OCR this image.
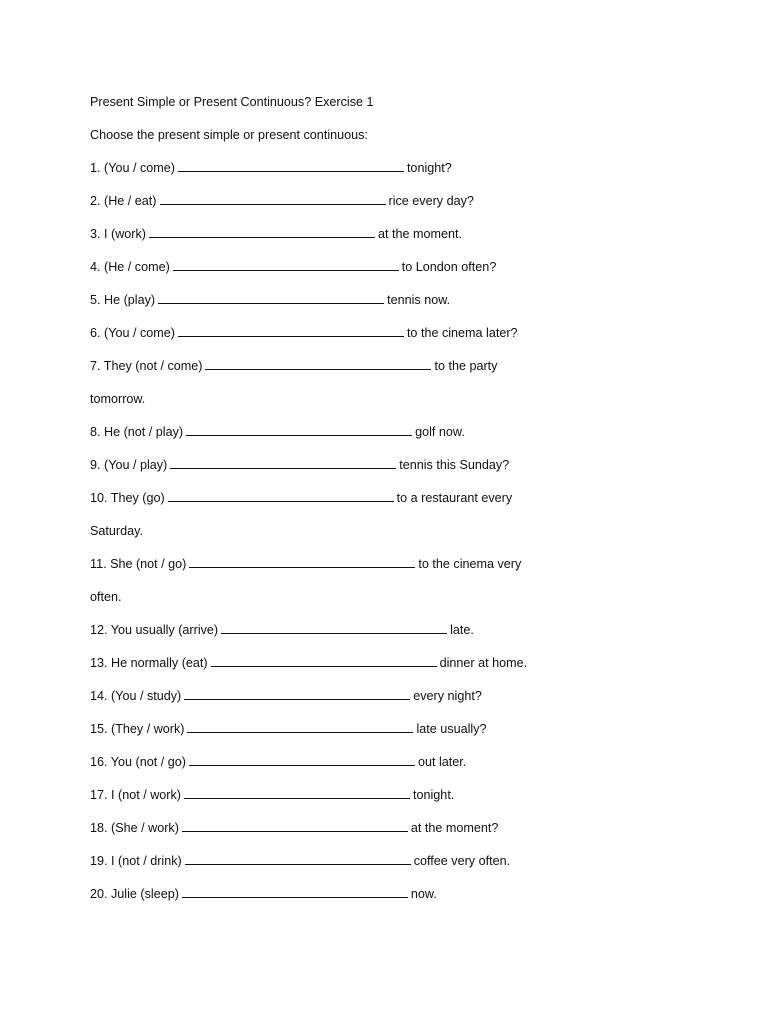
Present Simple or Present Continuous? Exercise 1
Choose the present simple or present continuous:
1. (You / come)	tonight?
2. (He / eat)	rice every day?
3. I (work)	at the moment.
4. (He / come)	to London often?
5. He (play)	tennis now.
6. (You / come)	to the cinema later?
7. They (not / come)	to the party
tomorrow.
8. He (not / play)	golf now.
9. (You / play)	tennis this Sunday?
10. They (go)	to a restaurant every
Saturday.
11. She (not / go)	to the cinema very
often.
12. You usually (arrive)	late.
13. He normally (eat)	dinner at home.
14. (You / study)	every night?
15. (They / work)	late usually?
16. You (not / go)	out later.
17. I (not / work)	tonight.
18. (She / work)	at the moment?
19. I (not / drink)	coffee very often.
20. Julie (sleep)	now.
